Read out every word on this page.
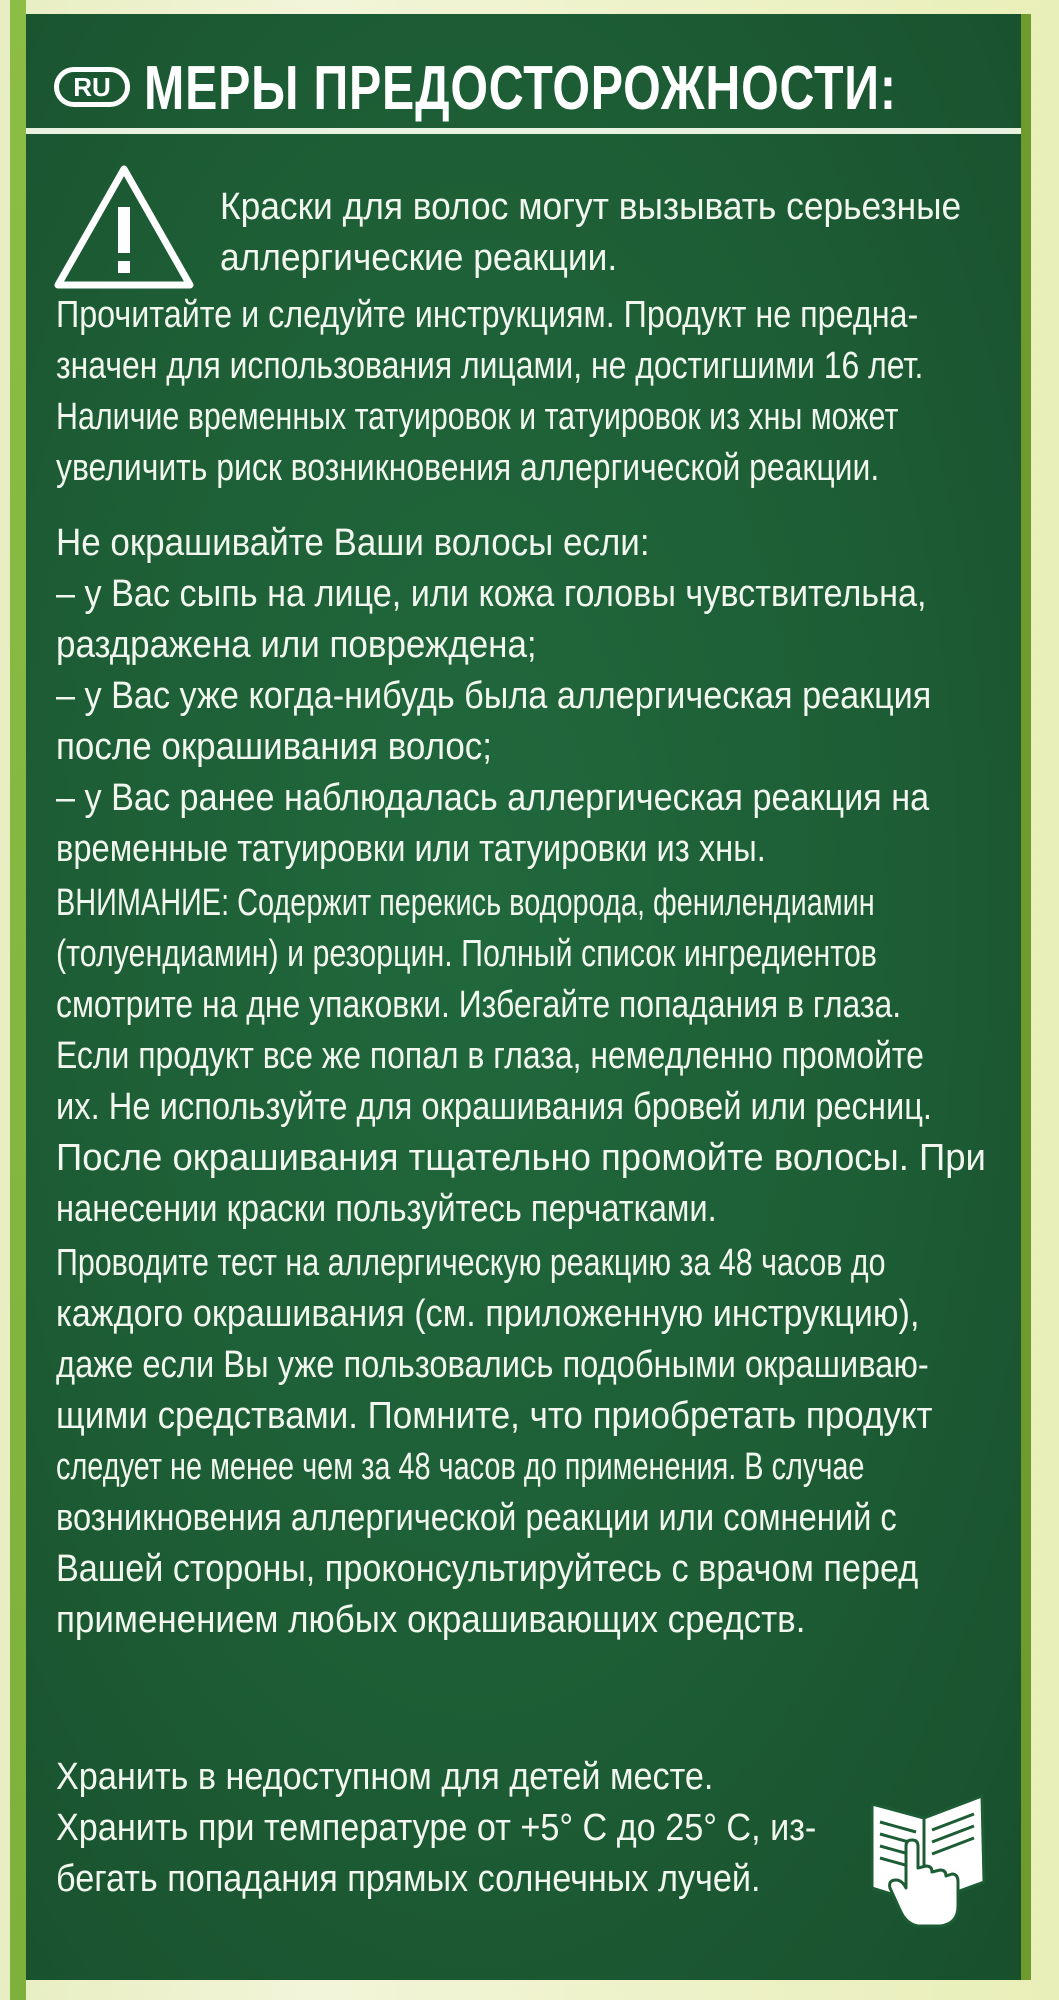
RU МЕРЫ ПРЕДОСТОРОЖНОСТИ:
Краски для волос могут вызывать серьезные
аллергические реакции.
Прочитайте и следуйте инструкциям. Продукт не предна-
значен для использования лицами, не достигшими 16 лет.
Наличие временных татуировок и татуировок из хны может
увеличить риск возникновения аллергической реакции.
Не окрашивайте Ваши волосы если:
– у Вас сыпь на лице, или кожа головы чувствительна,
раздражена или повреждена;
– у Вас уже когда-нибудь была аллергическая реакция
после окрашивания волос;
– у Вас ранее наблюдалась аллергическая реакция на
временные татуировки или татуировки из хны.
ВНИМАНИЕ: Содержит перекись водорода, фенилендиамин
(толуендиамин) и резорцин. Полный список ингредиентов
смотрите на дне упаковки. Избегайте попадания в глаза.
Если продукт все же попал в глаза, немедленно промойте
их. Не используйте для окрашивания бровей или ресниц.
После окрашивания тщательно промойте волосы. При
нанесении краски пользуйтесь перчатками.
Проводите тест на аллергическую реакцию за 48 часов до
каждого окрашивания (см. приложенную инструкцию),
даже если Вы уже пользовались подобными окрашиваю-
щими средствами. Помните, что приобретать продукт
следует не менее чем за 48 часов до применения. В случае
возникновения аллергической реакции или сомнений с
Вашей стороны, проконсультируйтесь с врачом перед
применением любых окрашивающих средств.
Хранить в недоступном для детей месте.
Хранить при температуре от +5° С до 25° С, из-
бегать попадания прямых солнечных лучей.
